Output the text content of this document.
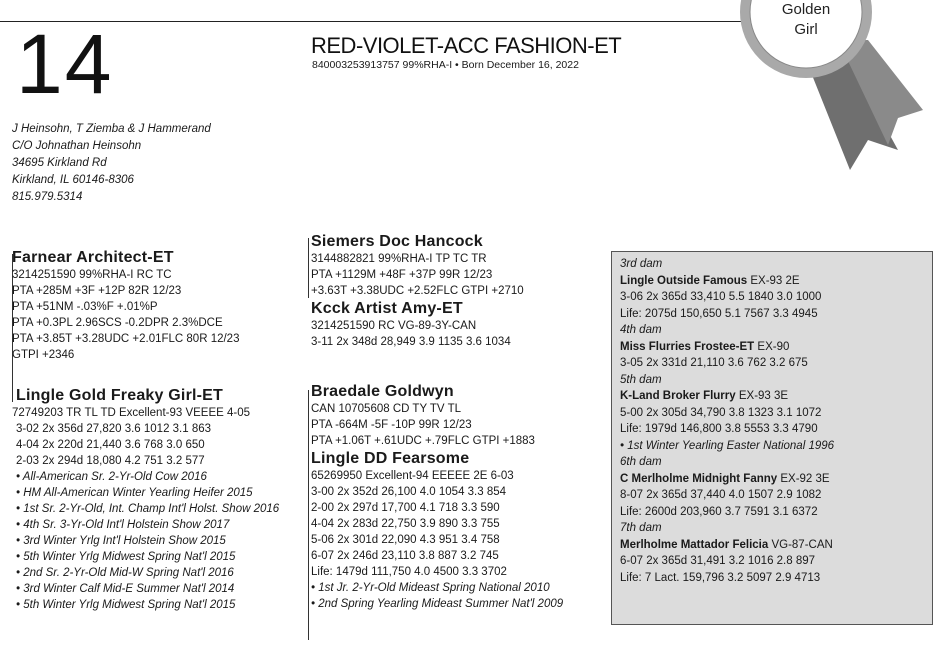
14	RED-VIOLET-ACC FASHION-ET
840003253913757 99%RHA-I • Born December 16, 2022
J Heinsohn, T Ziemba & J Hammerand
C/O Johnathan Heinsohn
34695 Kirkland Rd
Kirkland, IL 60146-8306
815.979.5314
Golden
Girl
Farnear Architect-ET
3214251590 99%RHA-I RC TC
PTA +285M +3F +12P 82R 12/23
PTA +51NM -.03%F +.01%P
PTA +0.3PL 2.96SCS -0.2DPR 2.3%DCE
PTA +3.85T +3.28UDC +2.01FLC 80R 12/23
GTPI +2346
Lingle Gold Freaky Girl-ET
72749203 TR TL TD Excellent-93 VEEEE 4-05
3-02 2x 356d 27,820 3.6 1012 3.1 863
4-04 2x 220d 21,440 3.6 768 3.0 650
2-03 2x 294d 18,080 4.2 751 3.2 577
• All-American Sr. 2-Yr-Old Cow 2016
• HM All-American Winter Yearling Heifer 2015
• 1st Sr. 2-Yr-Old, Int. Champ Int'l Holst. Show 2016
• 4th Sr. 3-Yr-Old Int'l Holstein Show 2017
• 3rd Winter Yrlg Int'l Holstein Show 2015
• 5th Winter Yrlg Midwest Spring Nat'l 2015
• 2nd Sr. 2-Yr-Old Mid-W Spring Nat'l 2016
• 3rd Winter Calf Mid-E Summer Nat'l 2014
• 5th Winter Yrlg Midwest Spring Nat'l 2015
Siemers Doc Hancock
3144882821 99%RHA-I TP TC TR
PTA +1129M +48F +37P 99R 12/23
+3.63T +3.38UDC +2.52FLC GTPI +2710
Kcck Artist Amy-ET
3214251590 RC VG-89-3Y-CAN
3-11 2x 348d 28,949 3.9 1135 3.6 1034
Braedale Goldwyn
CAN 10705608 CD TY TV TL
PTA -664M -5F -10P 99R 12/23
PTA +1.06T +.61UDC +.79FLC GTPI +1883
Lingle DD Fearsome
65269950 Excellent-94 EEEEE 2E 6-03
3-00 2x 352d 26,100 4.0 1054 3.3 854
2-00 2x 297d 17,700 4.1 718 3.3 590
4-04 2x 283d 22,750 3.9 890 3.3 755
5-06 2x 301d 22,090 4.3 951 3.4 758
6-07 2x 246d 23,110 3.8 887 3.2 745
Life: 1479d 111,750 4.0 4500 3.3 3702
• 1st Jr. 2-Yr-Old Mideast Spring National 2010
• 2nd Spring Yearling Mideast Summer Nat'l 2009
3rd dam
Lingle Outside Famous EX-93 2E
3-06 2x 365d 33,410 5.5 1840 3.0 1000
Life: 2075d 150,650 5.1 7567 3.3 4945
4th dam
Miss Flurries Frostee-ET EX-90
3-05 2x 331d 21,110 3.6 762 3.2 675
5th dam
K-Land Broker Flurry EX-93 3E
5-00 2x 305d 34,790 3.8 1323 3.1 1072
Life: 1979d 146,800 3.8 5553 3.3 4790
• 1st Winter Yearling Easter National 1996
6th dam
C Merlholme Midnight Fanny EX-92 3E
8-07 2x 365d 37,440 4.0 1507 2.9 1082
Life: 2600d 203,960 3.7 7591 3.1 6372
7th dam
Merlholme Mattador Felicia VG-87-CAN
6-07 2x 365d 31,491 3.2 1016 2.8 897
Life: 7 Lact. 159,796 3.2 5097 2.9 4713
